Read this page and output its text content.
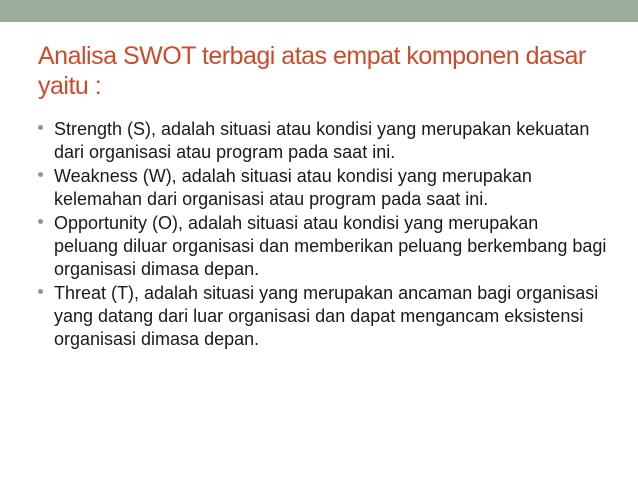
Analisa SWOT terbagi atas empat komponen dasar yaitu :
Strength (S), adalah situasi atau kondisi yang merupakan kekuatan dari organisasi atau program pada saat ini.
Weakness (W), adalah situasi atau kondisi yang merupakan kelemahan dari organisasi atau program pada saat ini.
Opportunity (O), adalah situasi atau kondisi yang merupakan peluang diluar organisasi dan memberikan peluang berkembang bagi organisasi dimasa depan.
Threat (T), adalah situasi yang merupakan ancaman bagi organisasi yang datang dari luar organisasi dan dapat mengancam eksistensi organisasi dimasa depan.
